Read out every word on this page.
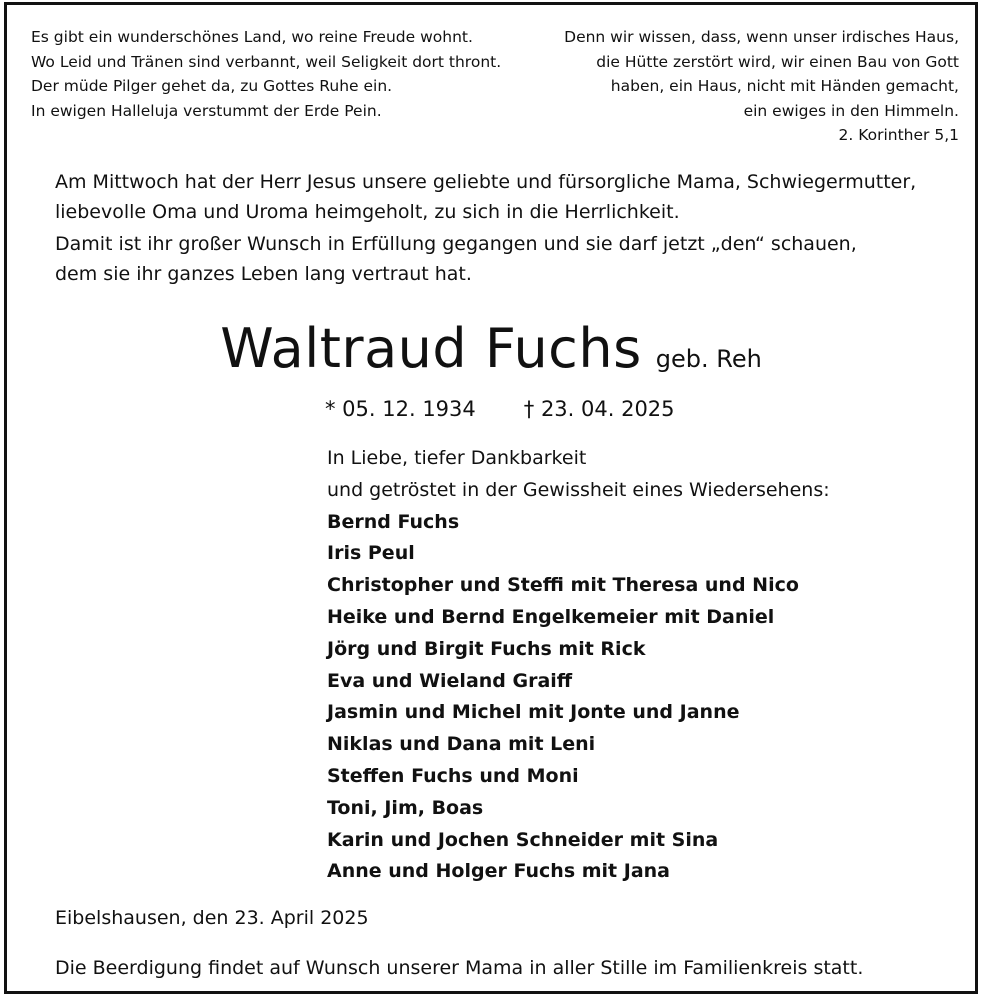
Es gibt ein wunderschönes Land, wo reine Freude wohnt.
Wo Leid und Tränen sind verbannt, weil Seligkeit dort thront.
Der müde Pilger gehet da, zu Gottes Ruhe ein.
In ewigen Halleluja verstummt der Erde Pein.
Denn wir wissen, dass, wenn unser irdisches Haus,
die Hütte zerstört wird, wir einen Bau von Gott
haben, ein Haus, nicht mit Händen gemacht,
ein ewiges in den Himmeln.
2. Korinther 5,1

Am Mittwoch hat der Herr Jesus unsere geliebte und fürsorgliche Mama, Schwiegermutter,
liebevolle Oma und Uroma heimgeholt, zu sich in die Herrlichkeit.

Damit ist ihr großer Wunsch in Erfüllung gegangen und sie darf jetzt „den“ schauen,
dem sie ihr ganzes Leben lang vertraut hat.

Waltraud Fuchs geb. Reh
* 05. 12. 1934 † 23. 04. 2025
In Liebe, tiefer Dankbarkeit
und getröstet in der Gewissheit eines Wiedersehens:
Bernd Fuchs
Iris Peul
Christopher und Steffi mit Theresa und Nico
Heike und Bernd Engelkemeier mit Daniel
Jörg und Birgit Fuchs mit Rick
Eva und Wieland Graiff
Jasmin und Michel mit Jonte und Janne
Niklas und Dana mit Leni
Steffen Fuchs und Moni
Toni, Jim, Boas
Karin und Jochen Schneider mit Sina
Anne und Holger Fuchs mit Jana
Eibelshausen, den 23. April 2025
Die Beerdigung findet auf Wunsch unserer Mama in aller Stille im Familienkreis statt.
